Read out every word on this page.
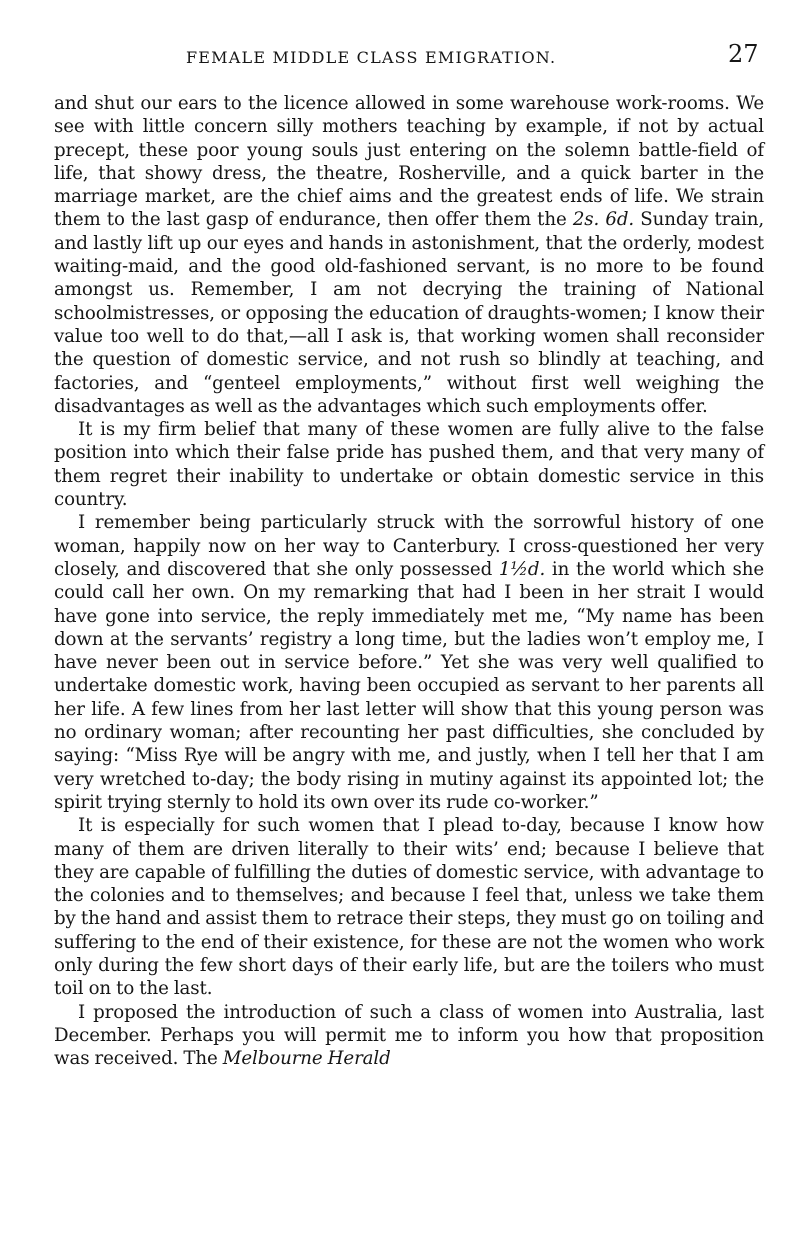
FEMALE MIDDLE CLASS EMIGRATION.	27

and shut our ears to the licence allowed in some warehouse work-rooms. We see with little concern silly mothers teaching by example, if not by actual precept, these poor young souls just entering on the solemn battle-field of life, that showy dress, the theatre, Rosherville, and a quick barter in the marriage market, are the chief aims and the greatest ends of life. We strain them to the last gasp of endurance, then offer them the 2s. 6d. Sunday train, and lastly lift up our eyes and hands in astonishment, that the orderly, modest waiting-maid, and the good old-fashioned servant, is no more to be found amongst us. Remember, I am not decrying the training of National schoolmistresses, or opposing the education of draughts-women; I know their value too well to do that,—all I ask is, that working women shall reconsider the question of domestic service, and not rush so blindly at teaching, and factories, and “genteel employments,” without first well weighing the disadvantages as well as the advantages which such employments offer.

It is my firm belief that many of these women are fully alive to the false position into which their false pride has pushed them, and that very many of them regret their inability to undertake or obtain domestic service in this country.

I remember being particularly struck with the sorrowful history of one woman, happily now on her way to Canterbury. I cross-questioned her very closely, and discovered that she only possessed 1½d. in the world which she could call her own. On my remarking that had I been in her strait I would have gone into service, the reply immediately met me, “My name has been down at the servants’ registry a long time, but the ladies won’t employ me, I have never been out in service before.” Yet she was very well qualified to undertake domestic work, having been occupied as servant to her parents all her life. A few lines from her last letter will show that this young person was no ordinary woman; after recounting her past difficulties, she concluded by saying: “Miss Rye will be angry with me, and justly, when I tell her that I am very wretched to-day; the body rising in mutiny against its appointed lot; the spirit trying sternly to hold its own over its rude co-worker.”

It is especially for such women that I plead to-day, because I know how many of them are driven literally to their wits’ end; because I believe that they are capable of fulfilling the duties of domestic service, with advantage to the colonies and to themselves; and because I feel that, unless we take them by the hand and assist them to retrace their steps, they must go on toiling and suffering to the end of their existence, for these are not the women who work only during the few short days of their early life, but are the toilers who must toil on to the last.

I proposed the introduction of such a class of women into Australia, last December. Perhaps you will permit me to inform you how that proposition was received. The Melbourne Herald
